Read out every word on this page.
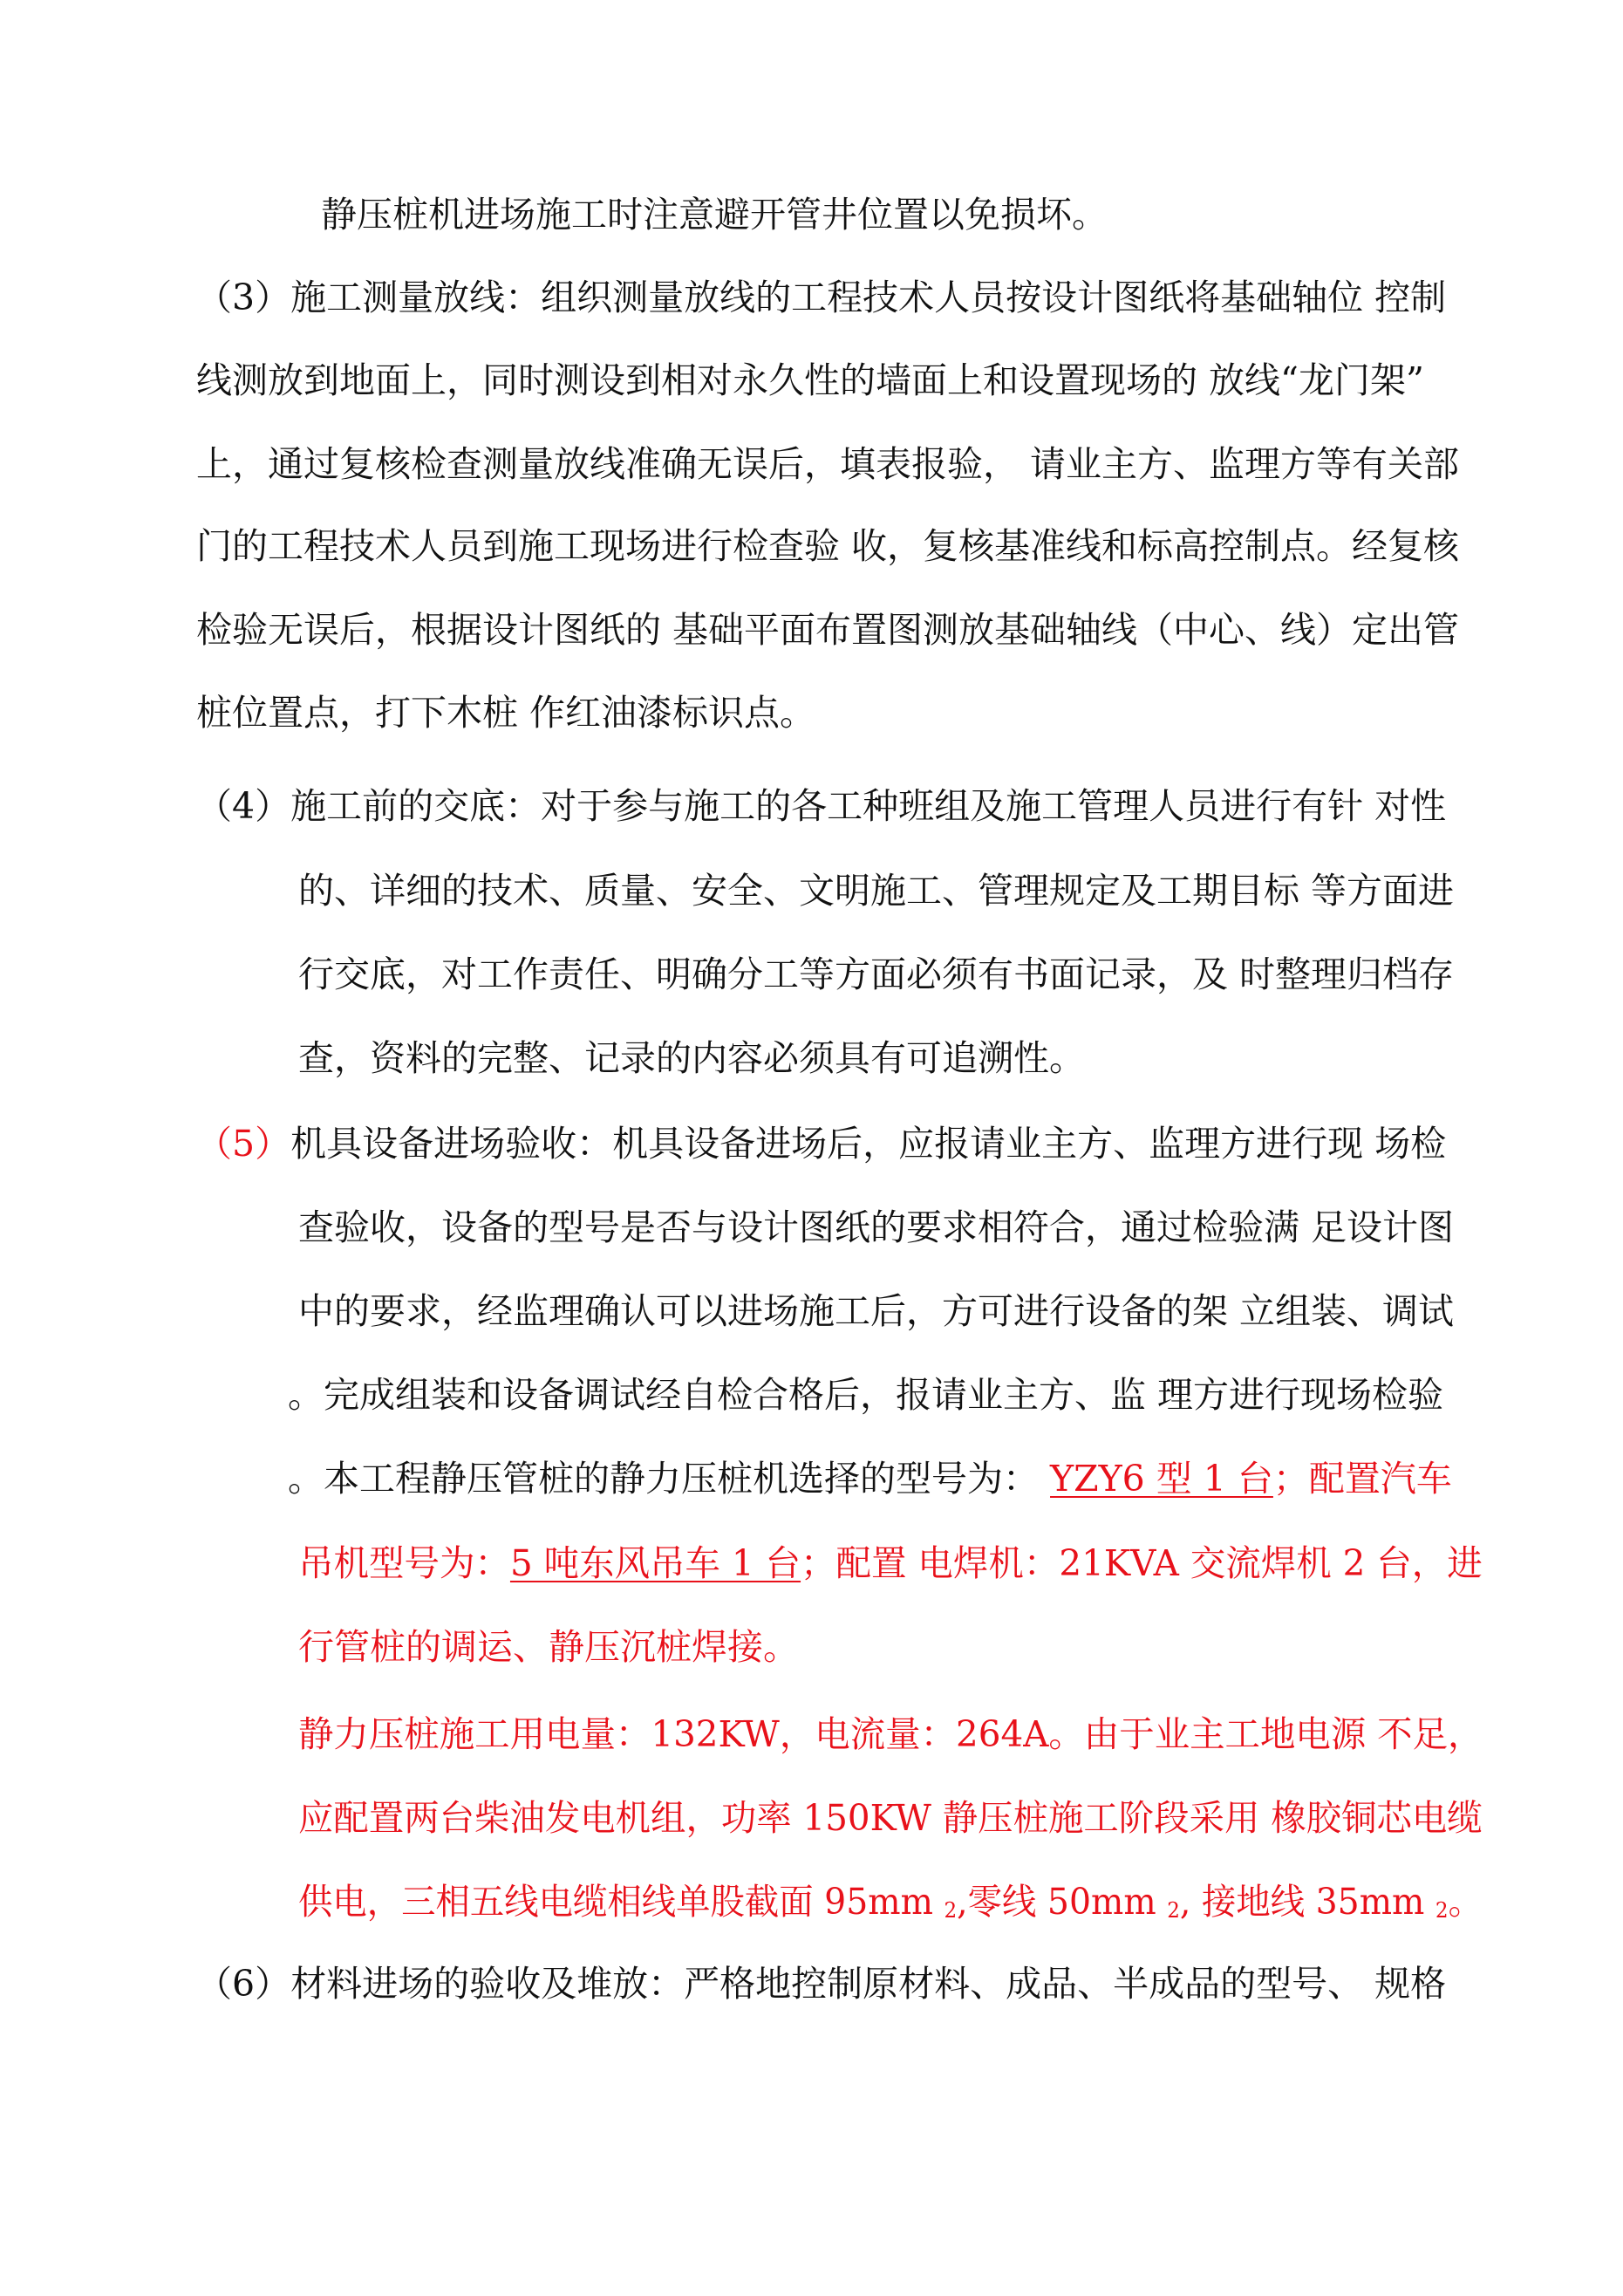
静压桩机进场施工时注意避开管井位置以免损坏。
（3）施工测量放线：组织测量放线的工程技术人员按设计图纸将基础轴位 控制
线测放到地面上，同时测设到相对永久性的墙面上和设置现场的 放线“龙门架”
上，通过复核检查测量放线准确无误后，填表报验， 请业主方、监理方等有关部
门的工程技术人员到施工现场进行检查验 收，复核基准线和标高控制点。经复核
检验无误后，根据设计图纸的 基础平面布置图测放基础轴线（中心、线）定出管
桩位置点，打下木桩 作红油漆标识点。
（4）施工前的交底：对于参与施工的各工种班组及施工管理人员进行有针 对性
的、详细的技术、质量、安全、文明施工、管理规定及工期目标 等方面进
行交底，对工作责任、明确分工等方面必须有书面记录，及 时整理归档存
查，资料的完整、记录的内容必须具有可追溯性。
（5）机具设备进场验收：机具设备进场后，应报请业主方、监理方进行现 场检
查验收，设备的型号是否与设计图纸的要求相符合，通过检验满 足设计图
中的要求，经监理确认可以进场施工后，方可进行设备的架 立组装、调试
。完成组装和设备调试经自检合格后，报请业主方、监 理方进行现场检验
。本工程静压管桩的静力压桩机选择的型号为： YZY6 型 1 台；配置汽车
吊机型号为：5 吨东风吊车 1 台；配置 电焊机：21KVA 交流焊机 2 台，进
行管桩的调运、静压沉桩焊接。
静力压桩施工用电量：132KW，电流量：264A。由于业主工地电源 不足，
应配置两台柴油发电机组，功率 150KW 静压桩施工阶段采用 橡胶铜芯电缆
供电，三相五线电缆相线单股截面 95mm $_2$,零线 50mm $_2$, 接地线 35mm $_2$。
（6）材料进场的验收及堆放：严格地控制原材料、成品、半成品的型号、 规格
